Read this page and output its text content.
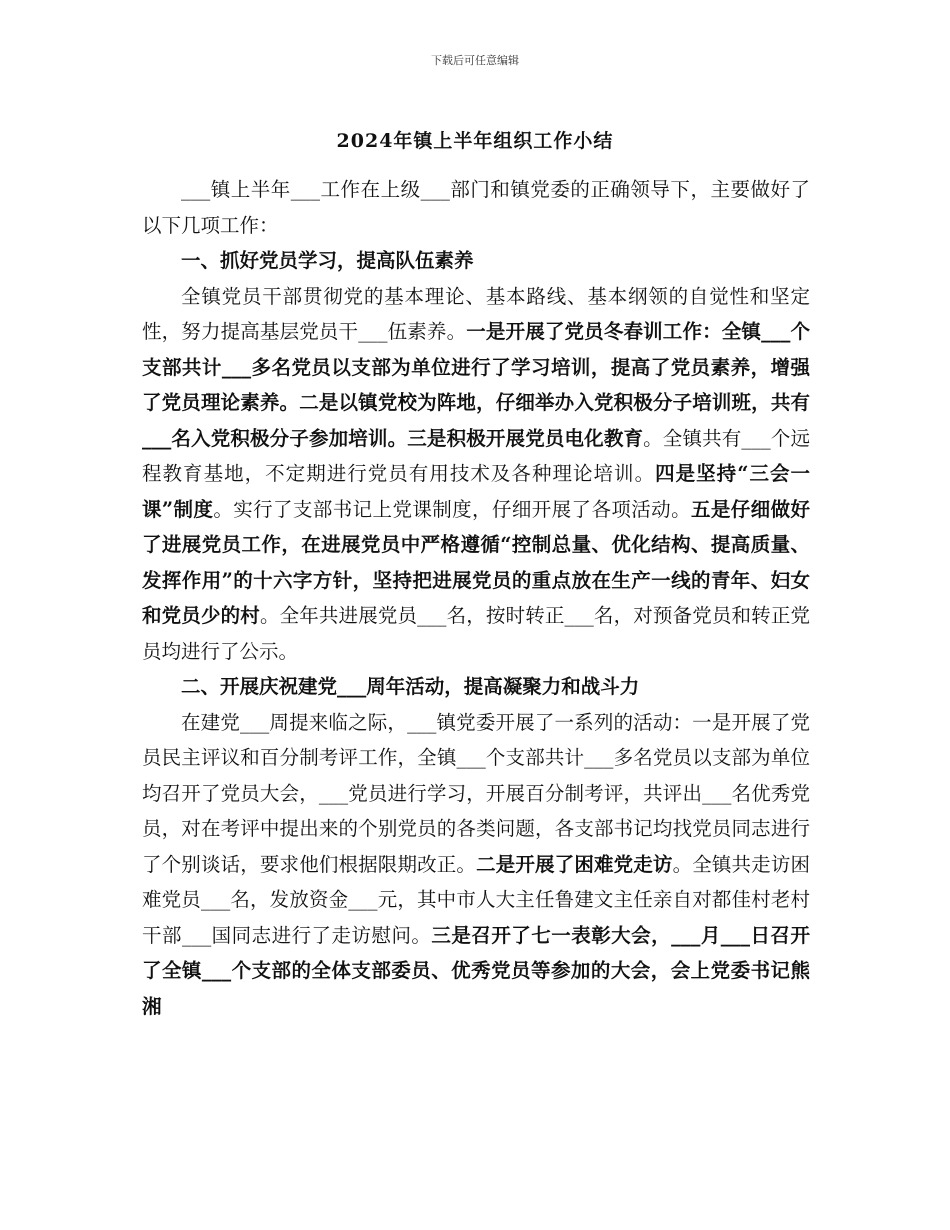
下载后可任意编辑
2024年镇上半年组织工作小结

___镇上半年___工作在上级___部门和镇党委的正确领导下，主要做好了以下几项工作：

一、抓好党员学习，提高队伍素养

全镇党员干部贯彻党的基本理论、基本路线、基本纲领的自觉性和坚定性，努力提高基层党员干___伍素养。一是开展了党员冬春训工作：全镇___个支部共计___多名党员以支部为单位进行了学习培训，提高了党员素养，增强了党员理论素养。二是以镇党校为阵地，仔细举办入党积极分子培训班，共有___名入党积极分子参加培训。三是积极开展党员电化教育。全镇共有___个远程教育基地，不定期进行党员有用技术及各种理论培训。四是坚持“三会一课”制度。实行了支部书记上党课制度，仔细开展了各项活动。五是仔细做好了进展党员工作，在进展党员中严格遵循“控制总量、优化结构、提高质量、发挥作用”的十六字方针，坚持把进展党员的重点放在生产一线的青年、妇女和党员少的村。全年共进展党员___名，按时转正___名，对预备党员和转正党员均进行了公示。

二、开展庆祝建党___周年活动，提高凝聚力和战斗力

在建党___周提来临之际，___镇党委开展了一系列的活动：一是开展了党员民主评议和百分制考评工作，全镇___个支部共计___多名党员以支部为单位均召开了党员大会，___党员进行学习，开展百分制考评，共评出___名优秀党员，对在考评中提出来的个别党员的各类问题，各支部书记均找党员同志进行了个别谈话，要求他们根据限期改正。二是开展了困难党走访。全镇共走访困难党员___名，发放资金___元，其中市人大主任鲁建文主任亲自对都佳村老村干部___国同志进行了走访慰问。三是召开了七一表彰大会，___月___日召开了全镇___个支部的全体支部委员、优秀党员等参加的大会，会上党委书记熊湘
